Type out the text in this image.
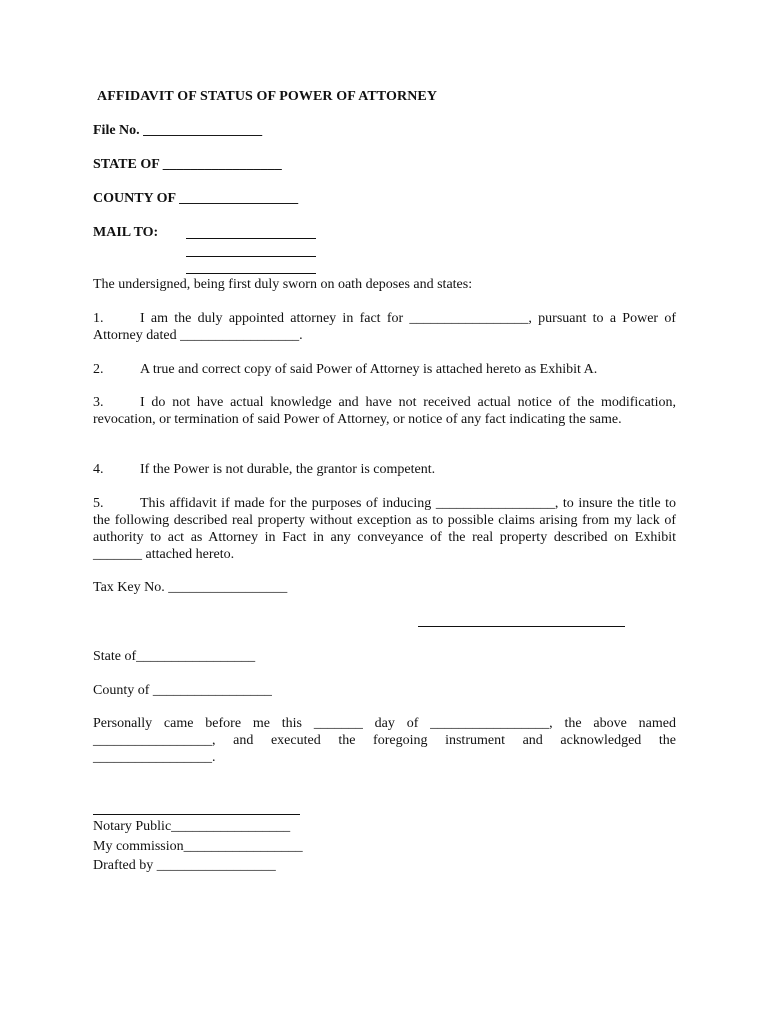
AFFIDAVIT OF STATUS OF POWER OF ATTORNEY
File No. _________________
STATE OF _________________
COUNTY OF _________________
MAIL TO:
The undersigned, being first duly sworn on oath deposes and states:
1.	I am the duly appointed attorney in fact for _________________, pursuant to a Power of Attorney dated _________________.
2.	A true and correct copy of said Power of Attorney is attached hereto as Exhibit A.
3.	I do not have actual knowledge and have not received actual notice of the modification, revocation, or termination of said Power of Attorney, or notice of any fact indicating the same.
4.	If the Power is not durable, the grantor is competent.
5.	This affidavit if made for the purposes of inducing _________________, to insure the title to the following described real property without exception as to possible claims arising from my lack of authority to act as Attorney in Fact in any conveyance of the real property described on Exhibit _______ attached hereto.
Tax Key No. _________________
State of_________________
County of _________________
Personally came before me this _______ day of _________________, the above named _________________, and executed the foregoing instrument and acknowledged the _________________.
Notary Public_________________
My commission_________________
Drafted by _________________
